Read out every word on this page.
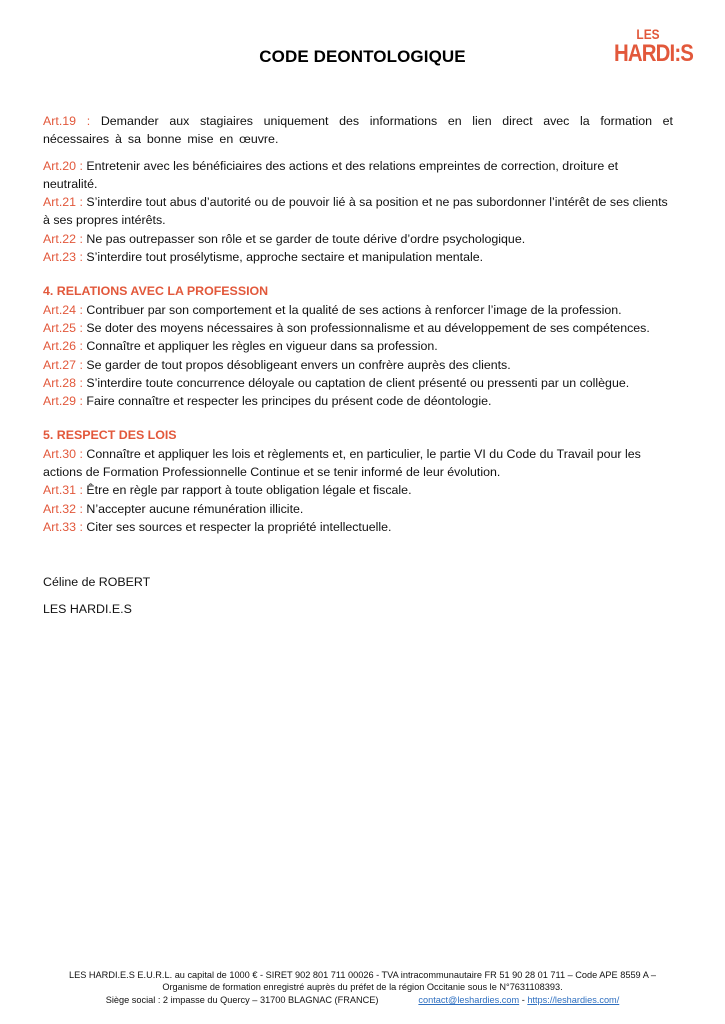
CODE DEONTOLOGIQUE
LES
HARDI:S

Art.19 : Demander aux stagiaires uniquement des informations en lien direct avec la formation et nécessaires à sa bonne mise en œuvre.

Art.20 : Entretenir avec les bénéficiaires des actions et des relations empreintes de correction, droiture et neutralité.

Art.21 : S’interdire tout abus d’autorité ou de pouvoir lié à sa position et ne pas subordonner l’intérêt de ses clients à ses propres intérêts.

Art.22 : Ne pas outrepasser son rôle et se garder de toute dérive d’ordre psychologique.

Art.23 : S’interdire tout prosélytisme, approche sectaire et manipulation mentale.

4. RELATIONS AVEC LA PROFESSION

Art.24 : Contribuer par son comportement et la qualité de ses actions à renforcer l’image de la profession.

Art.25 : Se doter des moyens nécessaires à son professionnalisme et au développement de ses compétences.

Art.26 : Connaître et appliquer les règles en vigueur dans sa profession.

Art.27 : Se garder de tout propos désobligeant envers un confrère auprès des clients.

Art.28 : S’interdire toute concurrence déloyale ou captation de client présenté ou pressenti par un collègue.

Art.29 : Faire connaître et respecter les principes du présent code de déontologie.

5. RESPECT DES LOIS

Art.30 : Connaître et appliquer les lois et règlements et, en particulier, le partie VI du Code du Travail pour les actions de Formation Professionnelle Continue et se tenir informé de leur évolution.

Art.31 : Être en règle par rapport à toute obligation légale et fiscale.

Art.32 : N’accepter aucune rémunération illicite.

Art.33 : Citer ses sources et respecter la propriété intellectuelle.

Céline de ROBERT

LES HARDI.E.S

LES HARDI.E.S E.U.R.L. au capital de 1000 € - SIRET 902 801 711 00026 - TVA intracommunautaire FR 51 90 28 01 711 – Code APE 8559 A –
Organisme de formation enregistré auprès du préfet de la région Occitanie sous le N°7631108393.
Siège social : 2 impasse du Quercy – 31700 BLAGNAC (FRANCE)	contact@leshardies.com - https://leshardies.com/
